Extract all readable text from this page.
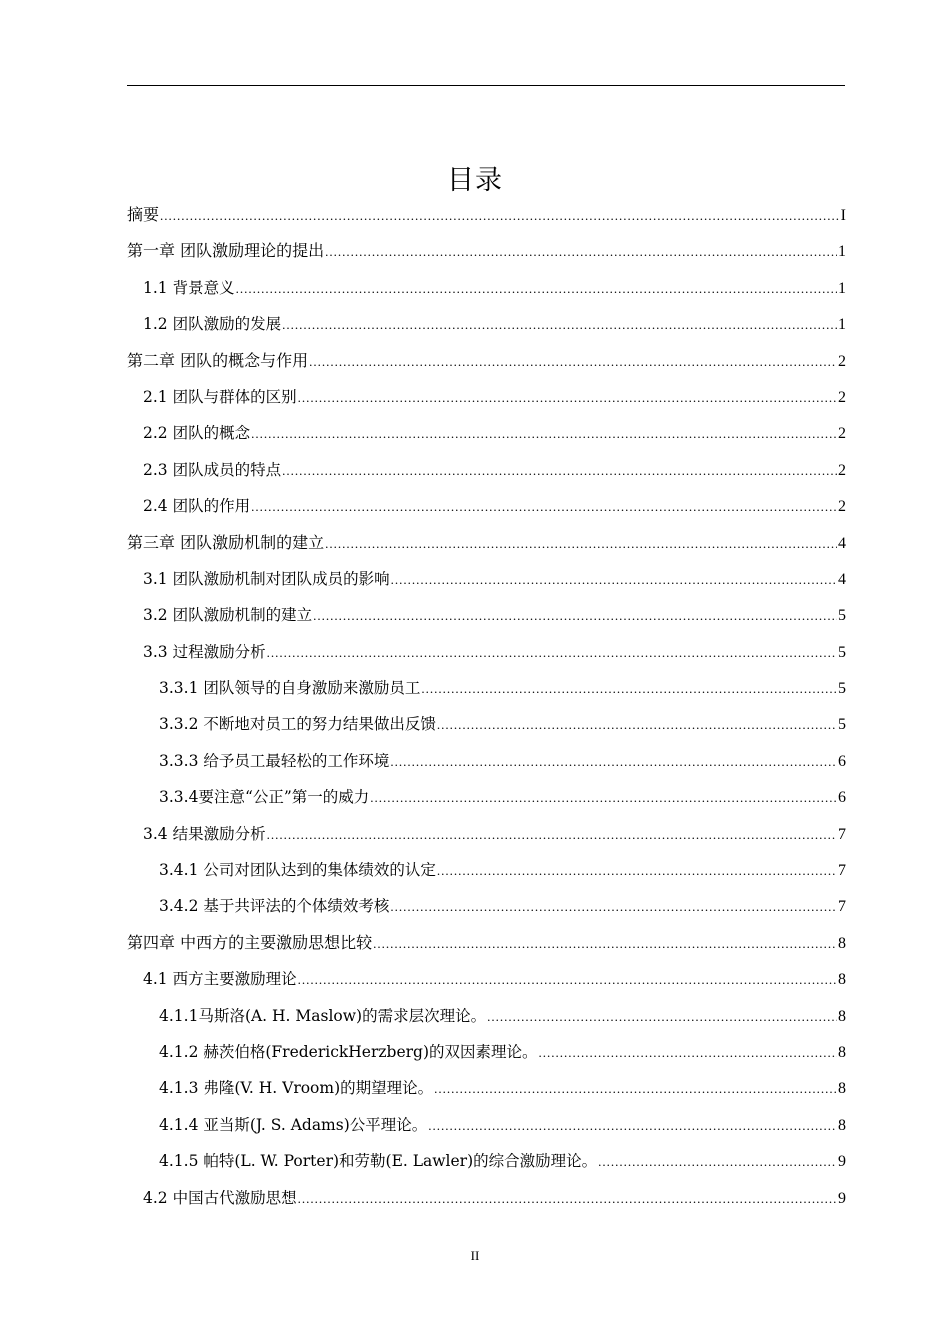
目录
摘要 .....	I
第一章 团队激励理论的提出 .....	1
1.1 背景意义 .....	1
1.2 团队激励的发展 .....	1
第二章 团队的概念与作用 .....	2
2.1 团队与群体的区别 .....	2
2.2 团队的概念 .....	2
2.3 团队成员的特点 .....	2
2.4 团队的作用 .....	2
第三章 团队激励机制的建立 .....	4
3.1 团队激励机制对团队成员的影响 .....	4
3.2 团队激励机制的建立 .....	5
3.3 过程激励分析 .....	5
3.3.1 团队领导的自身激励来激励员工 .....	5
3.3.2 不断地对员工的努力结果做出反馈 .....	5
3.3.3 给予员工最轻松的工作环境 .....	6
3.3.4要注意“公正”第一的威力 .....	6
3.4 结果激励分析 .....	7
3.4.1 公司对团队达到的集体绩效的认定 .....	7
3.4.2 基于共评法的个体绩效考核 .....	7
第四章 中西方的主要激励思想比较 .....	8
4.1 西方主要激励理论 .....	8
4.1.1马斯洛(A. H. Maslow)的需求层次理论。 .....	8
4.1.2 赫茨伯格(FrederickHerzberg)的双因素理论。 .....	8
4.1.3 弗隆(V. H. Vroom)的期望理论。 .....	8
4.1.4 亚当斯(J. S. Adams)公平理论。 .....	8
4.1.5 帕特(L. W. Porter)和劳勒(E. Lawler)的综合激励理论。 .....	9
4.2 中国古代激励思想 .....	9
II
